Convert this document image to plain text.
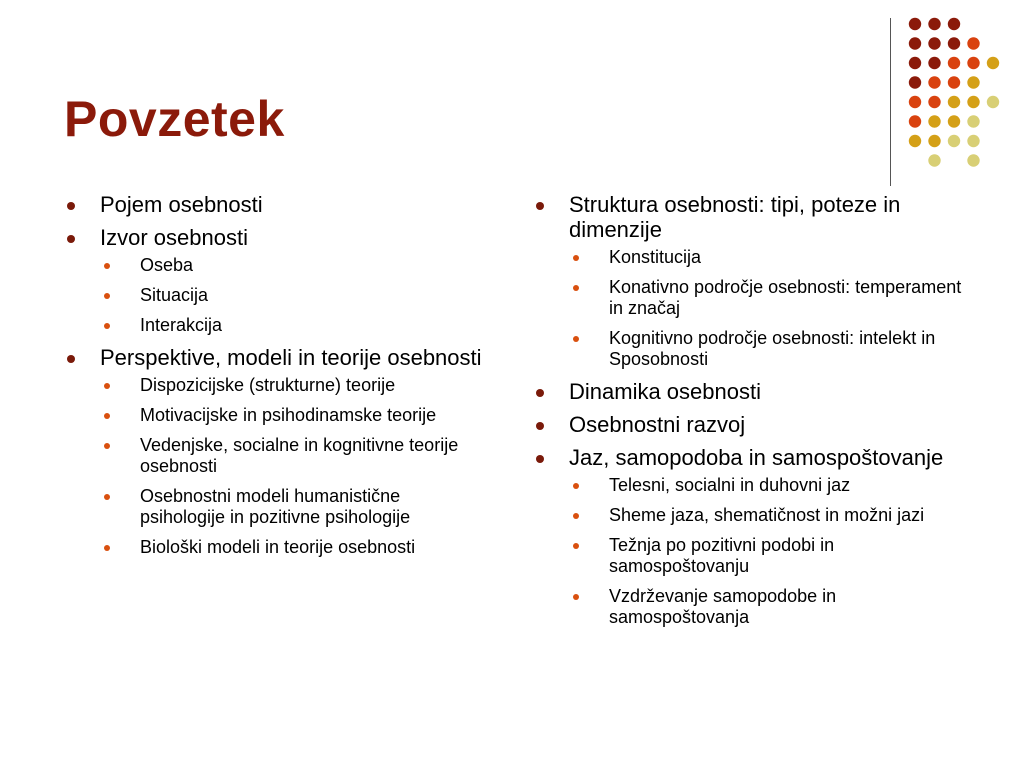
Povzetek
Pojem osebnosti
Izvor osebnosti
Oseba
Situacija
Interakcija
Perspektive, modeli in teorije osebnosti
Dispozicijske (strukturne) teorije
Motivacijske in psihodinamske teorije
Vedenjske, socialne in kognitivne teorije osebnosti
Osebnostni modeli humanistične psihologije in pozitivne psihologije
Biološki modeli in teorije osebnosti
Struktura osebnosti: tipi, poteze in dimenzije
Konstitucija
Konativno področje osebnosti: temperament in značaj
Kognitivno področje osebnosti: intelekt in Sposobnosti
Dinamika osebnosti
Osebnostni razvoj
Jaz, samopodoba in samospoštovanje
Telesni, socialni in duhovni jaz
Sheme jaza, shematičnost in možni jazi
Težnja po pozitivni podobi in samospoštovanju
Vzdrževanje samopodobe in samospoštovanja
